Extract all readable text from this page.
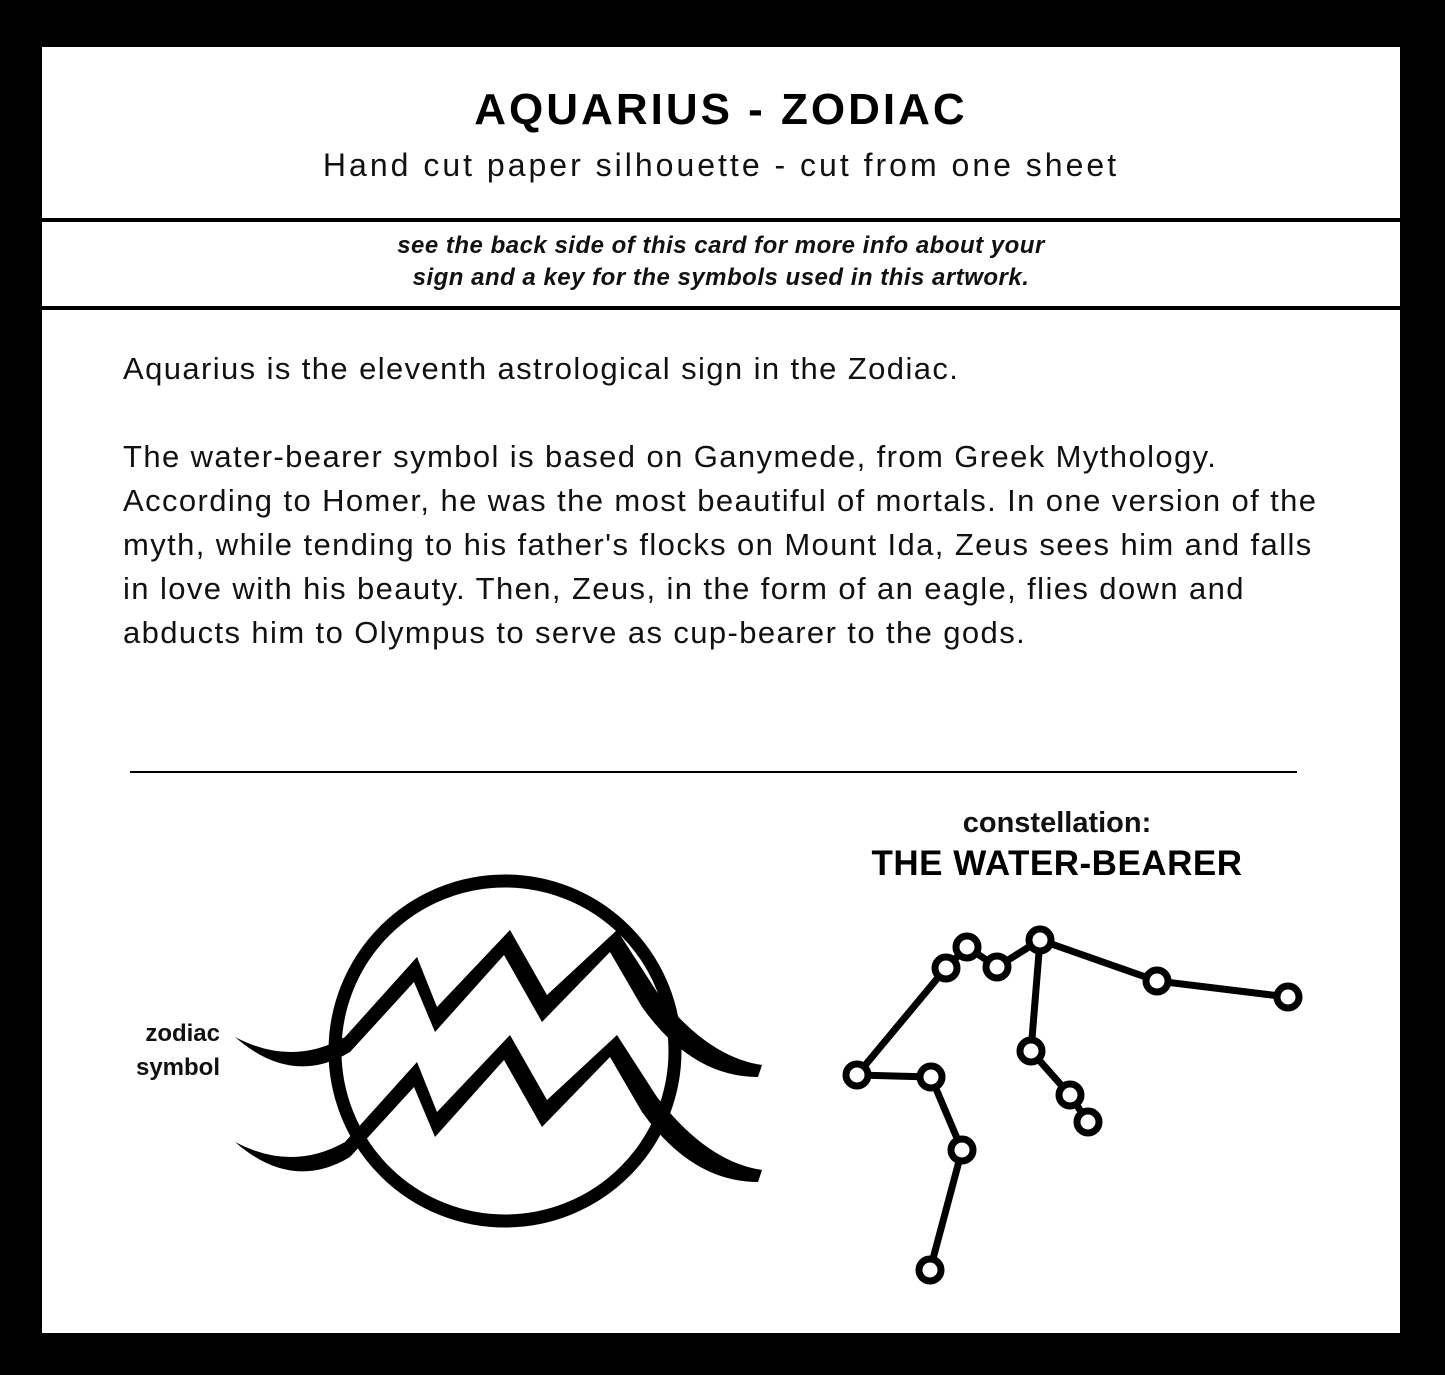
AQUARIUS - ZODIAC
Hand cut paper silhouette - cut from one sheet
see the back side of this card for more info about your
sign and a key for the symbols used in this artwork.

Aquarius is the eleventh astrological sign in the Zodiac.

The water-bearer symbol is based on Ganymede, from Greek Mythology. According to Homer, he was the most beautiful of mortals. In one version of the myth, while tending to his father's flocks on Mount Ida, Zeus sees him and falls in love with his beauty. Then, Zeus, in the form of an eagle, flies down and abducts him to Olympus to serve as cup-bearer to the gods.

zodiac
symbol
constellation:
THE WATER-BEARER
